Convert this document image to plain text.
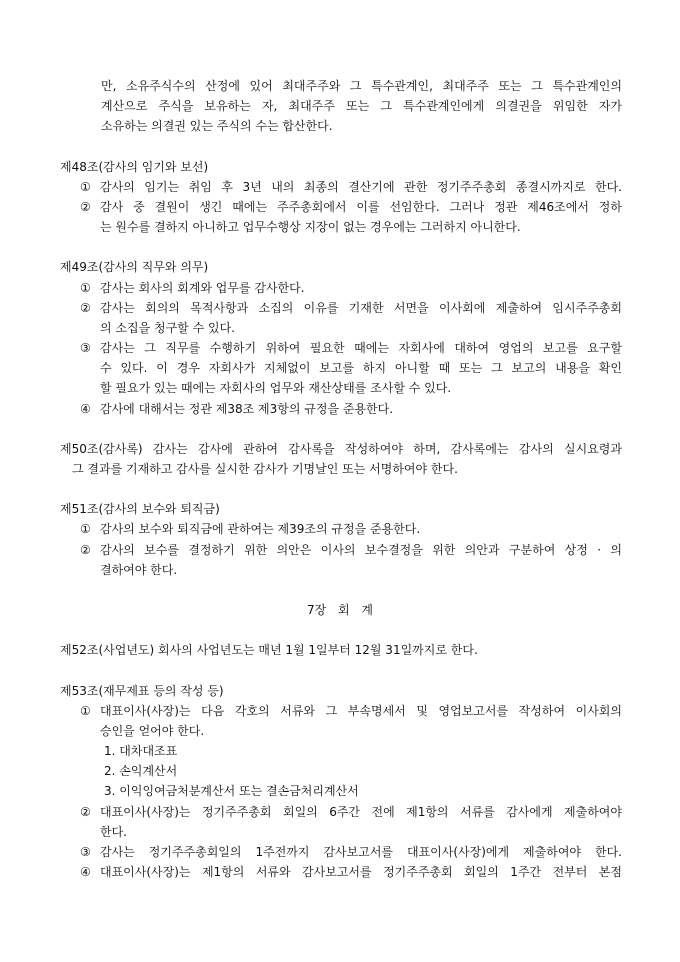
만, 소유주식수의 산정에 있어 최대주주와 그 특수관계인, 최대주주 또는 그 특수관계인의
계산으로 주식을 보유하는 자, 최대주주 또는 그 특수관계인에게 의결권을 위임한 자가
소유하는 의결권 있는 주식의 수는 합산한다.
제48조(감사의 임기와 보선)
① 감사의 임기는 취임 후 3년 내의 최종의 결산기에 관한 정기주주총회 종결시까지로 한다.
② 감사 중 결원이 생긴 때에는 주주총회에서 이를 선임한다. 그러나 정관 제46조에서 정하
는 원수를 결하지 아니하고 업무수행상 지장이 없는 경우에는 그러하지 아니한다.
제49조(감사의 직무와 의무)
① 감사는 회사의 회계와 업무를 감사한다.
② 감사는 회의의 목적사항과 소집의 이유를 기재한 서면을 이사회에 제출하여 임시주주총회
의 소집을 청구할 수 있다.
③ 감사는 그 직무를 수행하기 위하여 필요한 때에는 자회사에 대하여 영업의 보고를 요구할
수 있다. 이 경우 자회사가 지체없이 보고를 하지 아니할 때 또는 그 보고의 내용을 확인
할 필요가 있는 때에는 자회사의 업무와 재산상태를 조사할 수 있다.
④ 감사에 대해서는 정관 제38조 제3항의 규정을 준용한다.
제50조(감사록) 감사는 감사에 관하여 감사록을 작성하여야 하며, 감사록에는 감사의 실시요령과
그 결과를 기재하고 감사를 실시한 감사가 기명날인 또는 서명하여야 한다.
제51조(감사의 보수와 퇴직금)
① 감사의 보수와 퇴직금에 관하여는 제39조의 규정을 준용한다.
② 감사의 보수를 결정하기 위한 의안은 이사의 보수결정을 위한 의안과 구분하여 상정 · 의
결하여야 한다.
7장 회 계
제52조(사업년도) 회사의 사업년도는 매년 1월 1일부터 12월 31일까지로 한다.
제53조(재무제표 등의 작성 등)
① 대표이사(사장)는 다음 각호의 서류와 그 부속명세서 및 영업보고서를 작성하여 이사회의
승인을 얻어야 한다.
1. 대차대조표
2. 손익계산서
3. 이익잉여금처분계산서 또는 결손금처리계산서
② 대표이사(사장)는 정기주주총회 회일의 6주간 전에 제1항의 서류를 감사에게 제출하여야
한다.
③ 감사는 정기주주총회일의 1주전까지 감사보고서를 대표이사(사장)에게 제출하여야 한다.
④ 대표이사(사장)는 제1항의 서류와 감사보고서를 정기주주총회 회일의 1주간 전부터 본점
